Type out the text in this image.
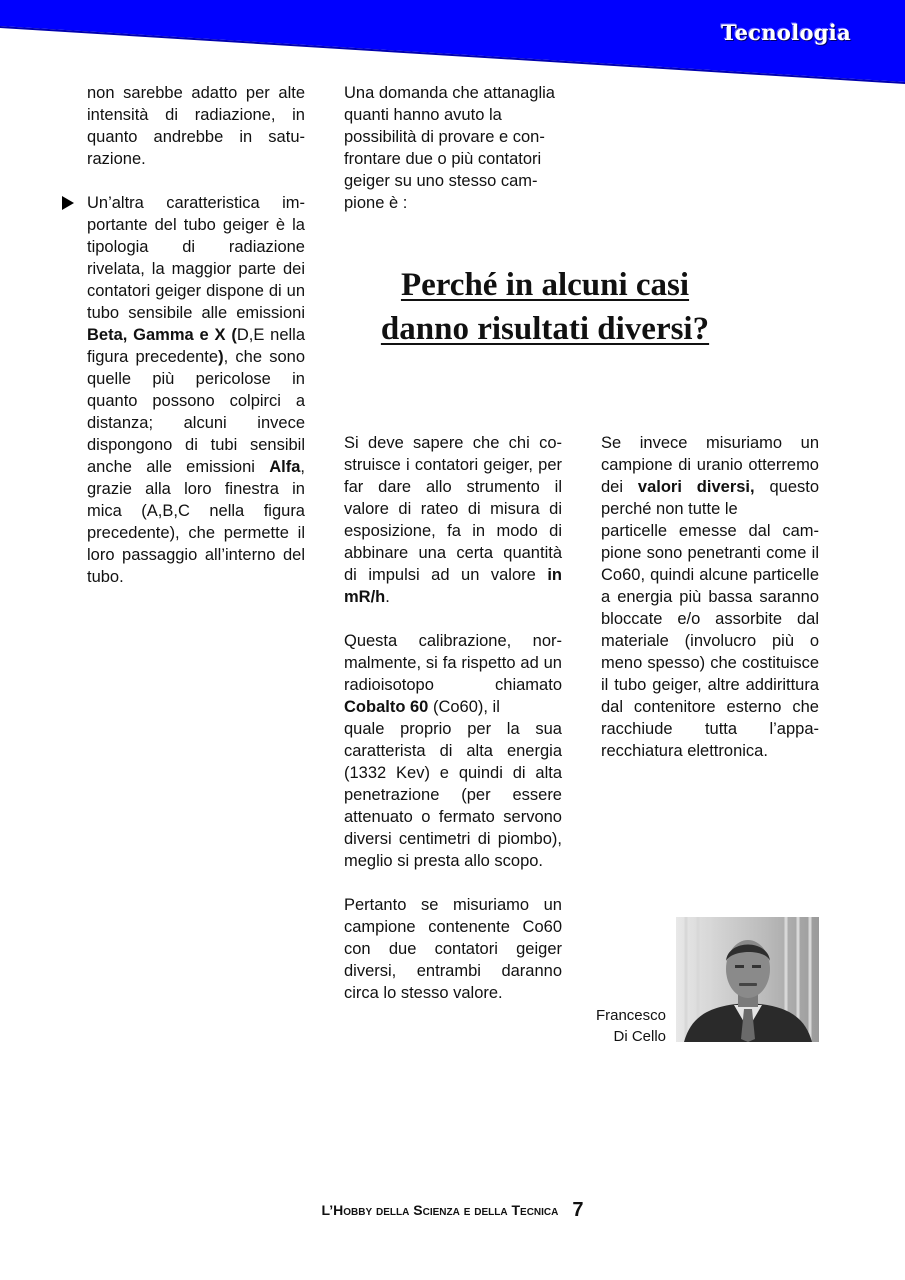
Tecnologia

non sarebbe adatto per alte intensità di radiazione, in quanto andrebbe in saturazione.

Un’altra caratteristica importante del tubo geiger è la tipologia di radiazione rivelata, la maggior parte dei contatori geiger dispone di un tubo sensibile alle emissioni Beta, Gamma e X (D,E nella figura precedente), che sono quelle più pericolose in quanto possono colpirci a distanza; alcuni invece dispongono di tubi sensibil anche alle emissioni Alfa, grazie alla loro finestra in mica (A,B,C nella figura precedente), che permette il loro passaggio all’interno del tubo.

Una domanda che attanaglia quanti hanno avuto la possibilità di provare e confrontare due o più contatori geiger su uno stesso campione è :

Perché in alcuni casi
danno risultati diversi?

Si deve sapere che chi costruisce i contatori geiger, per far dare allo strumento il valore di rateo di misura di esposizione, fa in modo di abbinare una certa quantità di impulsi ad un valore in mR/h.

Questa calibrazione, normalmente, si fa rispetto ad un radioisotopo chiamato Cobalto 60 (Co60), il
quale proprio per la sua caratterista di alta energia (1332 Kev) e quindi di alta penetrazione (per essere attenuato o fermato servono diversi centimetri di piombo), meglio si presta allo scopo.

Pertanto se misuriamo un campione contenente Co60 con due contatori geiger diversi, entrambi daranno circa lo stesso valore.

Se invece misuriamo un campione di uranio otterremo dei valori diversi, questo perché non tutte le
particelle emesse dal campione sono penetranti come il Co60, quindi alcune particelle a energia più bassa saranno bloccate e/o assorbite dal materiale (involucro più o meno spesso) che costituisce il tubo geiger, altre addirittura dal contenitore esterno che racchiude tutta l’apparecchiatura elettronica.

Francesco
Di Cello
L’Hobby della Scienza e della Tecnica 7
